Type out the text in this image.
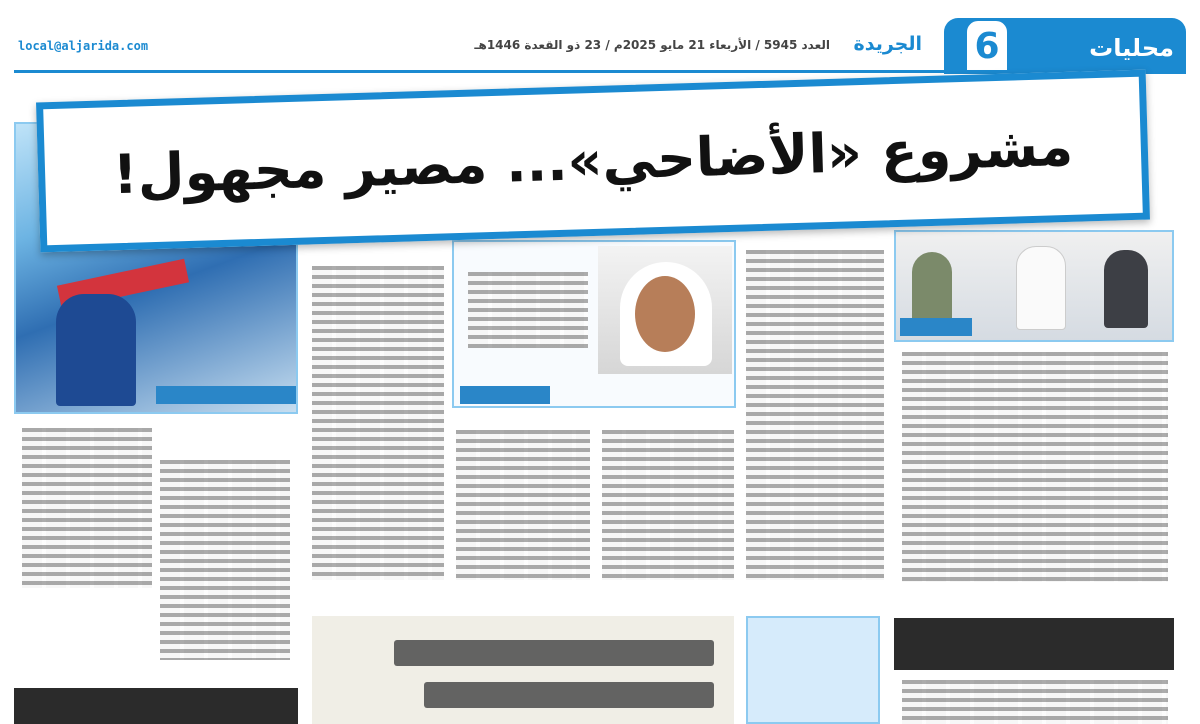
محليات
6
الجريدة
العدد 5945 / الأربعاء 21 مايو 2025م / 23 ذو القعدة 1446هـ
local@aljarida.com
مشروع «الأضاحي»... مصير مجهول!
